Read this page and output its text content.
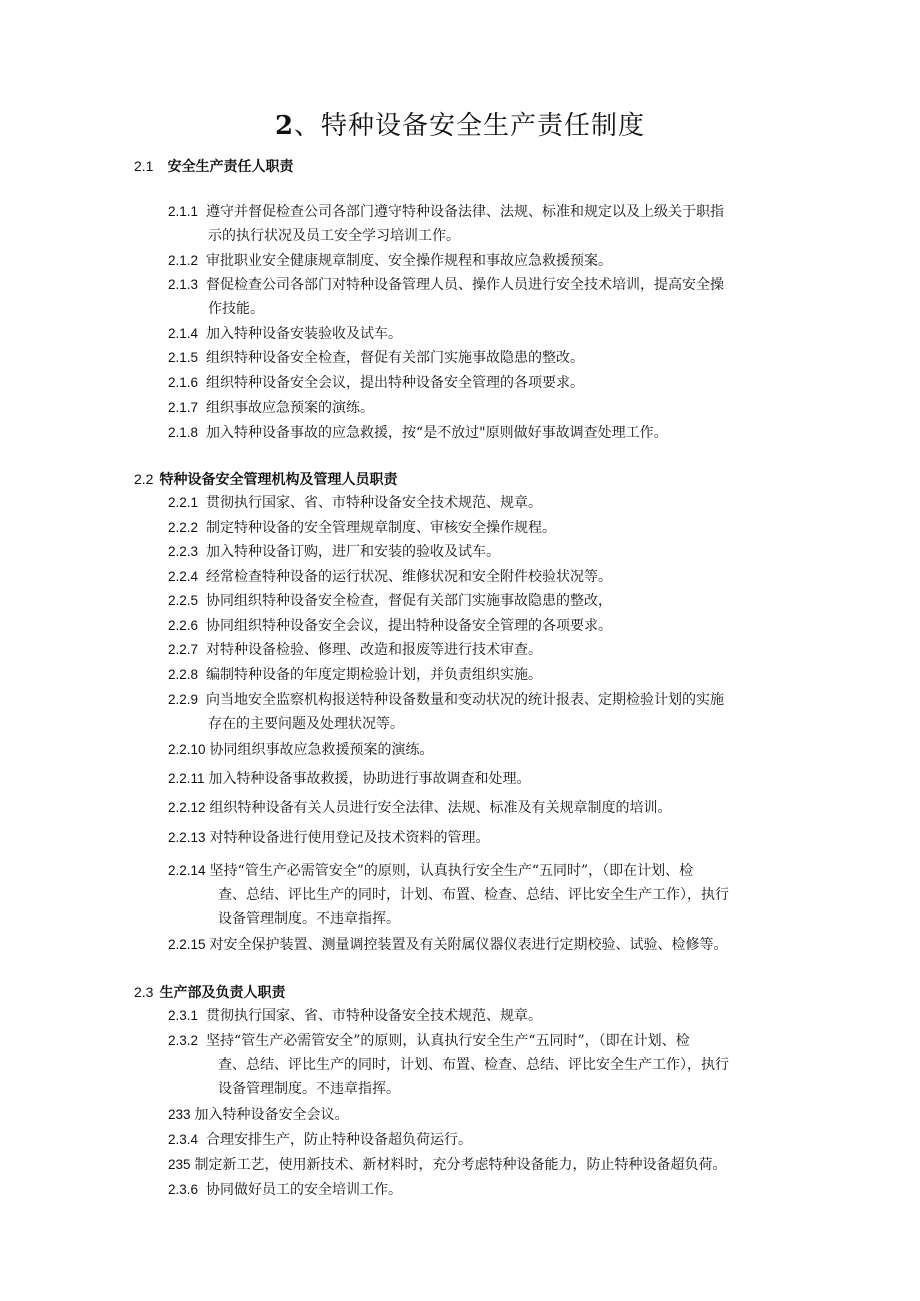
2、特种设备安全生产责任制度
2.1 安全生产责任人职责
2.1.1 遵守并督促检查公司各部门遵守特种设备法律、法规、标准和规定以及上级关于职指
示的执行状况及员工安全学习培训工作。
2.1.2 审批职业安全健康规章制度、安全操作规程和事故应急救援预案。
2.1.3 督促检查公司各部门对特种设备管理人员、操作人员进行安全技术培训，提高安全操
作技能。
2.1.4 加入特种设备安装验收及试车。
2.1.5 组织特种设备安全检查，督促有关部门实施事故隐患的整改。
2.1.6 组织特种设备安全会议，提出特种设备安全管理的各项要求。
2.1.7 组织事故应急预案的演练。
2.1.8 加入特种设备事故的应急救援，按“是不放过"原则做好事故调查处理工作。
2.2 特种设备安全管理机构及管理人员职责
2.2.1 贯彻执行国家、省、市特种设备安全技术规范、规章。
2.2.2 制定特种设备的安全管理规章制度、审核安全操作规程。
2.2.3 加入特种设备订购，进厂和安装的验收及试车。
2.2.4 经常检查特种设备的运行状况、维修状况和安全附件校验状况等。
2.2.5 协同组织特种设备安全检查，督促有关部门实施事故隐患的整改，
2.2.6 协同组织特种设备安全会议，提出特种设备安全管理的各项要求。
2.2.7 对特种设备检验、修理、改造和报废等进行技术审查。
2.2.8 编制特种设备的年度定期检验计划，并负责组织实施。
2.2.9 向当地安全监察机构报送特种设备数量和变动状况的统计报表、定期检验计划的实施
存在的主要问题及处理状况等。
2.2.10 协同组织事故应急救援预案的演练。
2.2.11 加入特种设备事故救援，协助进行事故调查和处理。
2.2.12 组织特种设备有关人员进行安全法律、法规、标准及有关规章制度的培训。
2.2.13 对特种设备进行使用登记及技术资料的管理。
2.2.14 坚持“管生产必需管安全”的原则，认真执行安全生产“五同时”，（即在计划、检
查、总结、评比生产的同时，计划、布置、检查、总结、评比安全生产工作），执行
设备管理制度。不违章指挥。
2.2.15 对安全保护装置、测量调控装置及有关附属仪器仪表进行定期校验、试验、检修等。
2.3 生产部及负责人职责
2.3.1 贯彻执行国家、省、市特种设备安全技术规范、规章。
2.3.2 坚持“管生产必需管安全”的原则，认真执行安全生产“五同时”，（即在计划、检
查、总结、评比生产的同时，计划、布置、检查、总结、评比安全生产工作），执行
设备管理制度。不违章指挥。
233 加入特种设备安全会议。
2.3.4 合理安排生产，防止特种设备超负荷运行。
235 制定新工艺，使用新技术、新材料时，充分考虑特种设备能力，防止特种设备超负荷。
2.3.6 协同做好员工的安全培训工作。
